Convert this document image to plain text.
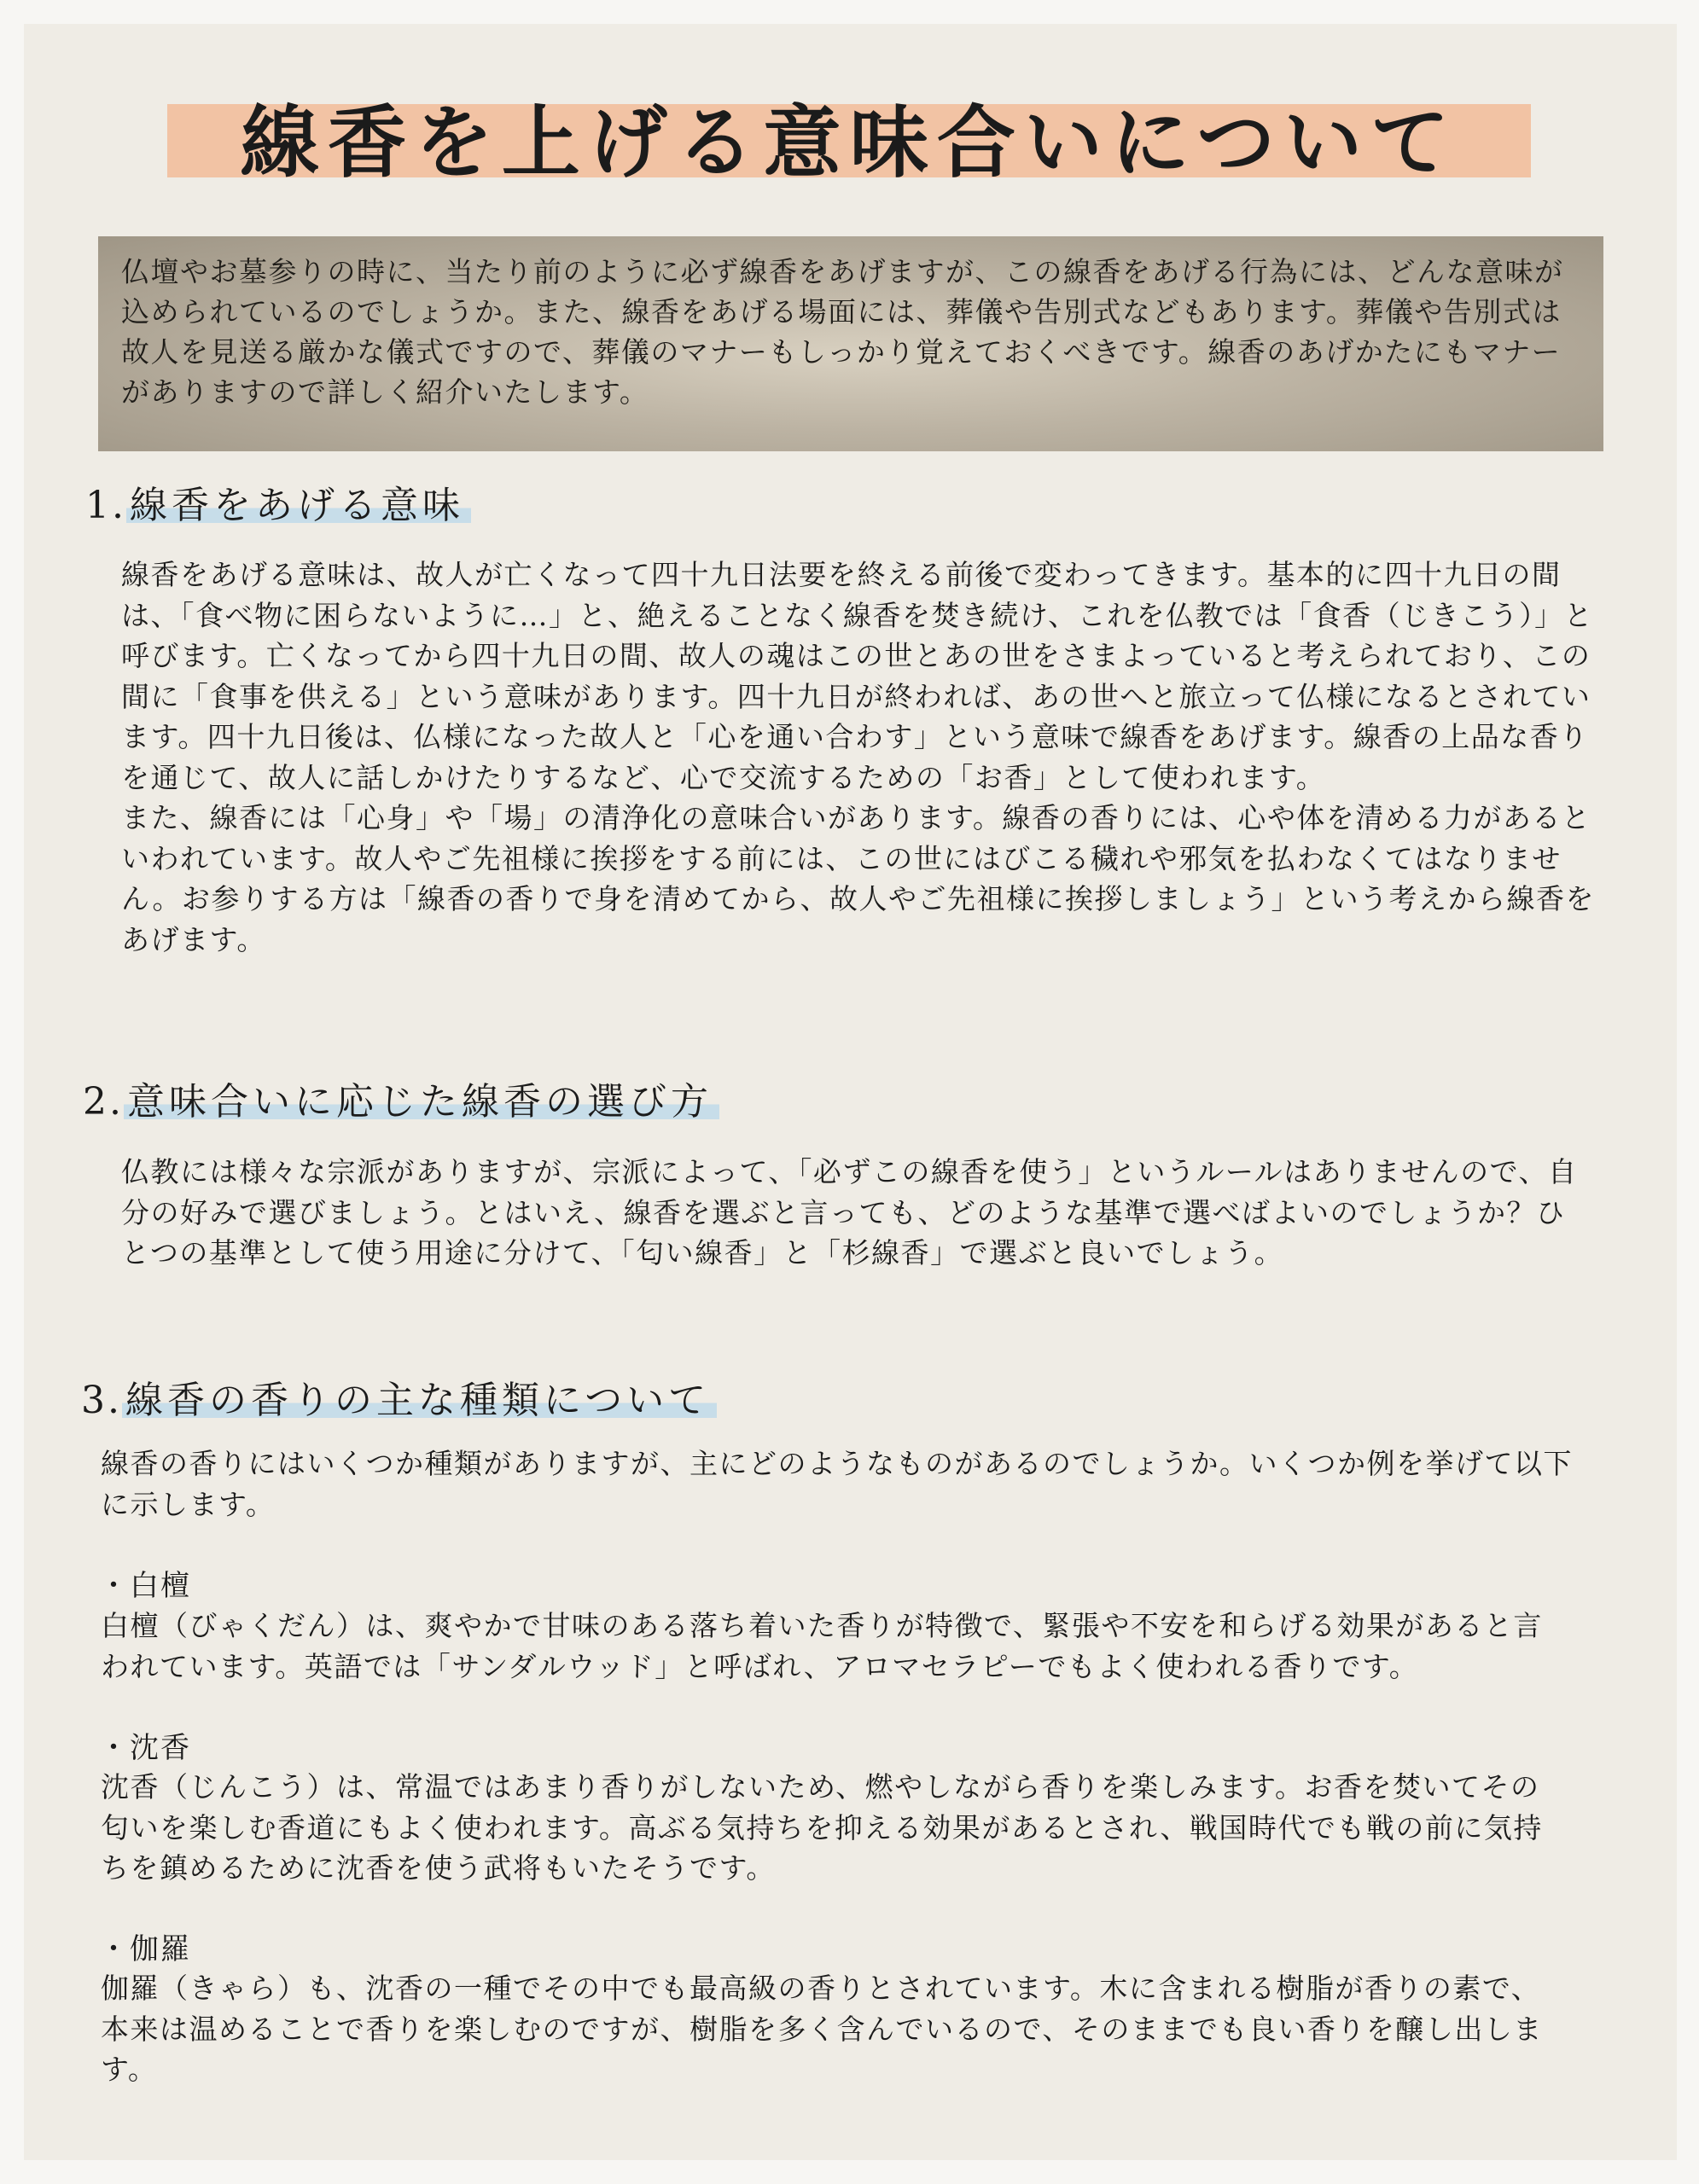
線香を上げる意味合いについて

仏壇やお墓参りの時に、当たり前のように必ず線香をあげますが、この線香をあげる行為には、どんな意味が込められているのでしょうか。また、線香をあげる場面には、葬儀や告別式などもあります。葬儀や告別式は故人を見送る厳かな儀式ですので、葬儀のマナーもしっかり覚えておくべきです。線香のあげかたにもマナーがありますので詳しく紹介いたします。

1.線香をあげる意味

線香をあげる意味は、故人が亡くなって四十九日法要を終える前後で変わってきます。基本的に四十九日の間は、「食べ物に困らないように…」と、絶えることなく線香を焚き続け、これを仏教では「食香（じきこう）」と呼びます。亡くなってから四十九日の間、故人の魂はこの世とあの世をさまよっていると考えられており、この間に「食事を供える」という意味があります。四十九日が終われば、あの世へと旅立って仏様になるとされています。四十九日後は、仏様になった故人と「心を通い合わす」という意味で線香をあげます。線香の上品な香りを通じて、故人に話しかけたりするなど、心で交流するための「お香」として使われます。
また、線香には「心身」や「場」の清浄化の意味合いがあります。線香の香りには、心や体を清める力があるといわれています。故人やご先祖様に挨拶をする前には、この世にはびこる穢れや邪気を払わなくてはなりません。お参りする方は「線香の香りで身を清めてから、故人やご先祖様に挨拶しましょう」という考えから線香をあげます。

2.意味合いに応じた線香の選び方

仏教には様々な宗派がありますが、宗派によって、「必ずこの線香を使う」というルールはありませんので、自分の好みで選びましょう。とはいえ、線香を選ぶと言っても、どのような基準で選べばよいのでしょうか？ひとつの基準として使う用途に分けて、「匂い線香」と「杉線香」で選ぶと良いでしょう。

3.線香の香りの主な種類について

線香の香りにはいくつか種類がありますが、主にどのようなものがあるのでしょうか。いくつか例を挙げて以下に示します。

・白檀

白檀（びゃくだん）は、爽やかで甘味のある落ち着いた香りが特徴で、緊張や不安を和らげる効果があると言われています。英語では「サンダルウッド」と呼ばれ、アロマセラピーでもよく使われる香りです。

・沈香

沈香（じんこう）は、常温ではあまり香りがしないため、燃やしながら香りを楽しみます。お香を焚いてその匂いを楽しむ香道にもよく使われます。高ぶる気持ちを抑える効果があるとされ、戦国時代でも戦の前に気持ちを鎮めるために沈香を使う武将もいたそうです。

・伽羅

伽羅（きゃら）も、沈香の一種でその中でも最高級の香りとされています。木に含まれる樹脂が香りの素で、本来は温めることで香りを楽しむのですが、樹脂を多く含んでいるので、そのままでも良い香りを醸し出します。
